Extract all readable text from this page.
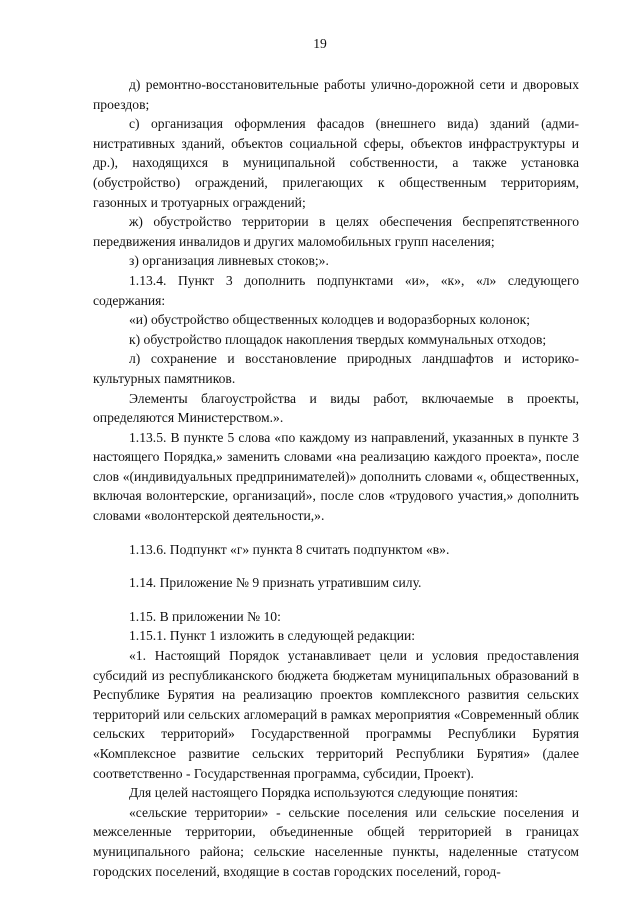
19

д) ремонтно-восстановительные работы улично-дорожной сети и дворовых проездов;

с) организация оформления фасадов (внешнего вида) зданий (административных зданий, объектов социальной сферы, объектов инфраструктуры и др.), находящихся в муниципальной собственности, а также установка (обустройство) ограждений, прилегающих к общественным территориям, газонных и тротуарных ограждений;

ж) обустройство территории в целях обеспечения беспрепятственного передвижения инвалидов и других маломобильных групп населения;

з) организация ливневых стоков;».

1.13.4. Пункт 3 дополнить подпунктами «и», «к», «л» следующего содержания:

«и) обустройство общественных колодцев и водоразборных колонок;

к) обустройство площадок накопления твердых коммунальных отходов;

л) сохранение и восстановление природных ландшафтов и историко-культурных памятников.

Элементы благоустройства и виды работ, включаемые в проекты, определяются Министерством.».

1.13.5. В пункте 5 слова «по каждому из направлений, указанных в пункте 3 настоящего Порядка,» заменить словами «на реализацию каждого проекта», после слов «(индивидуальных предпринимателей)» дополнить словами «, общественных, включая волонтерские, организаций», после слов «трудового участия,» дополнить словами «волонтерской деятельности,».

1.13.6. Подпункт «г» пункта 8 считать подпунктом «в».

1.14. Приложение № 9 признать утратившим силу.

1.15. В приложении № 10:

1.15.1. Пункт 1 изложить в следующей редакции:

«1. Настоящий Порядок устанавливает цели и условия предоставления субсидий из республиканского бюджета бюджетам муниципальных образований в Республике Бурятия на реализацию проектов комплексного развития сельских территорий или сельских агломераций в рамках мероприятия «Современный облик сельских территорий» Государственной программы Республики Бурятия «Комплексное развитие сельских территорий Республики Бурятия» (далее соответственно - Государственная программа, субсидии, Проект).

Для целей настоящего Порядка используются следующие понятия:

«сельские территории» - сельские поселения или сельские поселения и межселенные территории, объединенные общей территорией в границах муниципального района; сельские населенные пункты, наделенные статусом городских поселений, входящие в состав городских поселений, город-
